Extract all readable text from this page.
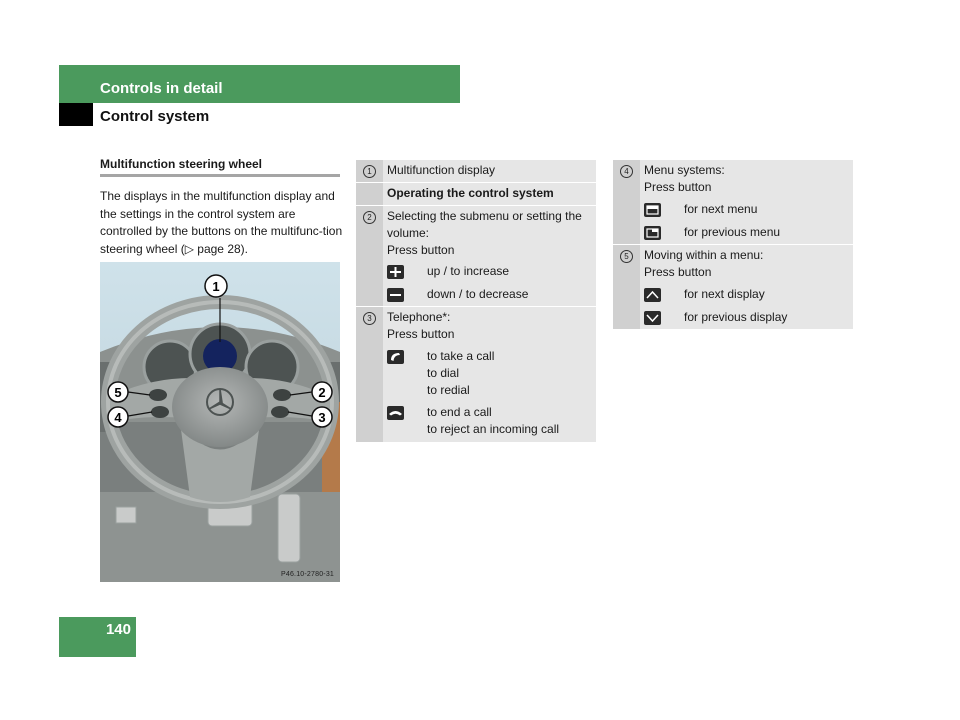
Controls in detail
Control system
Multifunction steering wheel
The displays in the multifunction display and the settings in the control system are controlled by the buttons on the multifunc-tion steering wheel (▷ page 28).
1
2
3
4
5
P46.10-2780-31
1	Multifunction display
Operating the control system
2	Selecting the submenu or setting the
volume:
Press button
up / to increase
down / to decrease
3	Telephone*:
Press button
to take a call
to dial
to redial
to end a call
to reject an incoming call
4	Menu systems:
Press button
for next menu
for previous menu
5	Moving within a menu:
Press button
for next display
for previous display
140
